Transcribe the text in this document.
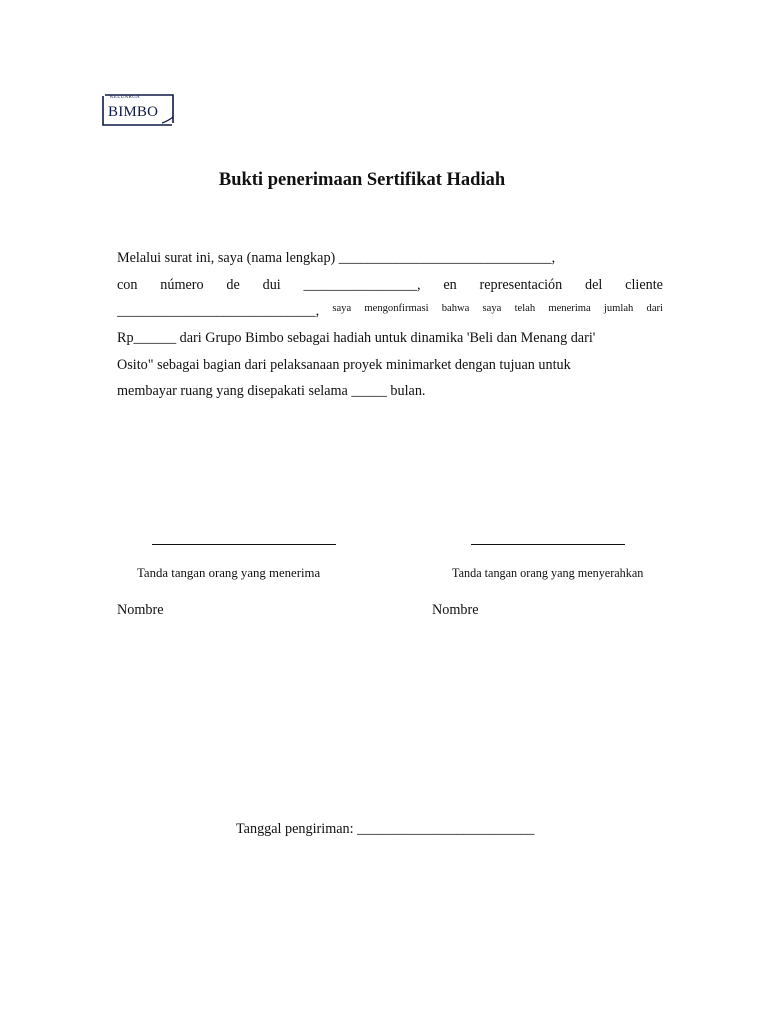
KELUARGA
BIMBO
Bukti penerimaan Sertifikat Hadiah
Melalui surat ini, saya (nama lengkap) ______________________________,
con número de dui ________________, en representación del cliente
____________________________, saya mengonfirmasi bahwa saya telah menerima jumlah dari
Rp______ dari Grupo Bimbo sebagai hadiah untuk dinamika 'Beli dan Menang dari'
Osito" sebagai bagian dari pelaksanaan proyek minimarket dengan tujuan untuk
membayar ruang yang disepakati selama _____ bulan.
Tanda tangan orang yang menerima	Tanda tangan orang yang menyerahkan
Nombre	Nombre
Tanggal pengiriman: _________________________
